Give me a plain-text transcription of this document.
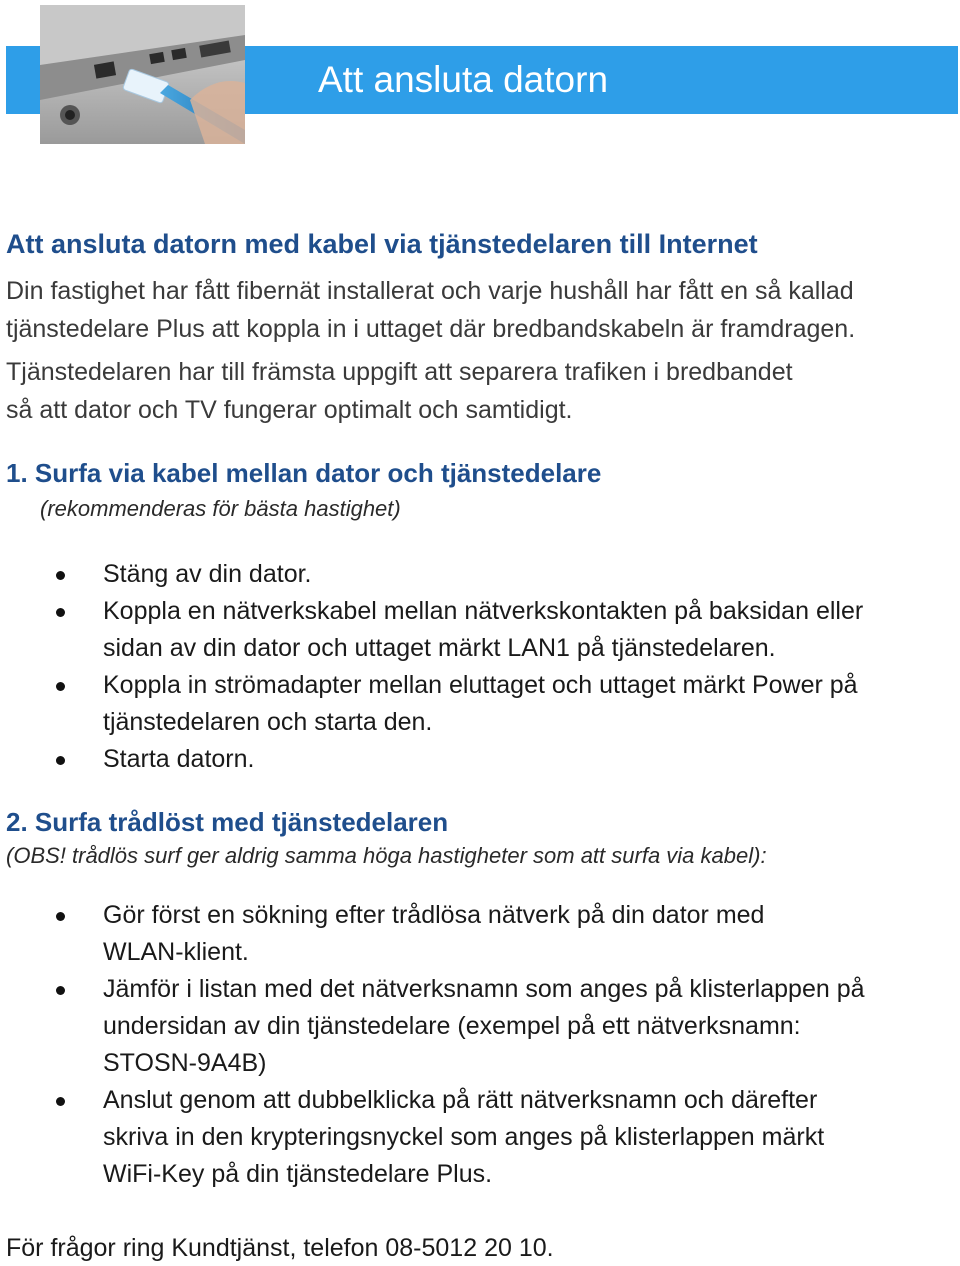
Att ansluta datorn
Att ansluta datorn med kabel via tjänstedelaren till Internet
Din fastighet har fått fibernät installerat och varje hushåll har fått en så kallad
tjänstedelare Plus att koppla in i uttaget där bredbandskabeln är framdragen.
Tjänstedelaren har till främsta uppgift att separera trafiken i bredbandet
så att dator och TV fungerar optimalt och samtidigt.
1. Surfa via kabel mellan dator och tjänstedelare
(rekommenderas för bästa hastighet)
Stäng av din dator.
Koppla en nätverkskabel mellan nätverkskontakten på baksidan eller
sidan av din dator och uttaget märkt LAN1 på tjänstedelaren.
Koppla in strömadapter mellan eluttaget och uttaget märkt Power på
tjänstedelaren och starta den.
Starta datorn.
2. Surfa trådlöst med tjänstedelaren
(OBS! trådlös surf ger aldrig samma höga hastigheter som att surfa via kabel):
Gör först en sökning efter trådlösa nätverk på din dator med
WLAN-klient.
Jämför i listan med det nätverksnamn som anges på klisterlappen på
undersidan av din tjänstedelare (exempel på ett nätverksnamn:
STOSN-9A4B)
Anslut genom att dubbelklicka på rätt nätverksnamn och därefter
skriva in den krypteringsnyckel som anges på klisterlappen märkt
WiFi-Key på din tjänstedelare Plus.
För frågor ring Kundtjänst, telefon 08-5012 20 10.
